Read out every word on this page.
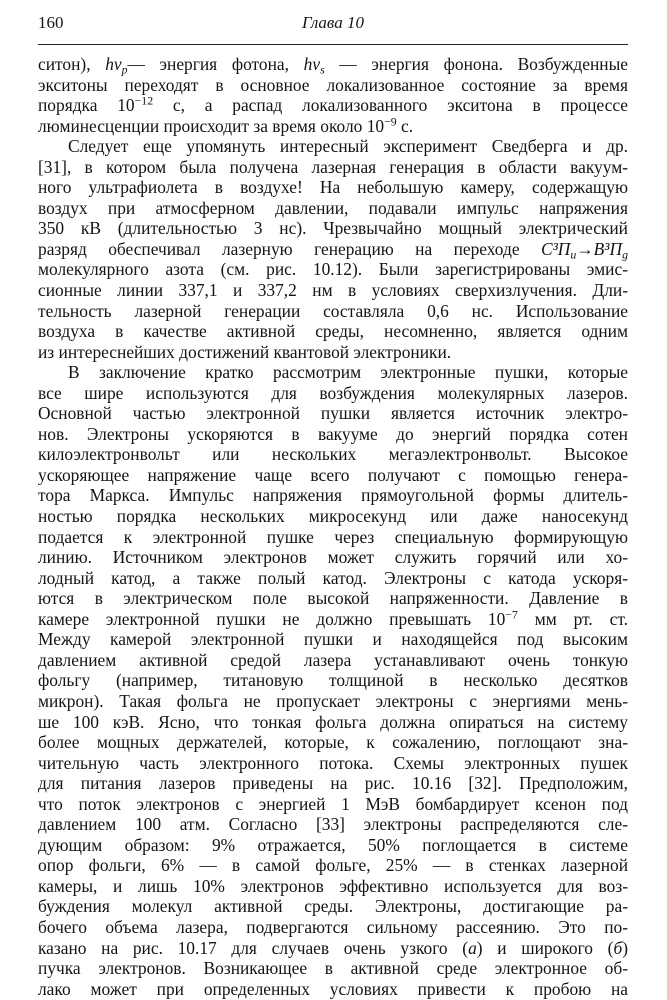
160	Глава 10
ситон), $hv_p—$ энергия фотона, $hv_s$ — энергия фонона. Возбужденные
экситоны переходят в основное локализованное состояние за время
порядка $10^{-12}$ с, а распад локализованного экситона в процессе
люминесценции происходит за время около $10^{-9}$ с.
Следует еще упомянуть интересный эксперимент Сведберга и др.
[31], в котором была получена лазерная генерация в области вакуум-
ного ультрафиолета в воздухе! На небольшую камеру, содержащую
воздух при атмосферном давлении, подавали импульс напряжения
350 кВ (длительностью 3 нс). Чрезвычайно мощный электрический
разряд обеспечивал лазерную генерацию на переходе $C^3\Pi_u\to B^3\Pi_g$
молекулярного азота (см. рис. 10.12). Были зарегистрированы эмис-
сионные линии 337,1 и 337,2 нм в условиях сверхизлучения. Дли-
тельность лазерной генерации составляла 0,6 нс. Использование
воздуха в качестве активной среды, несомненно, является одним
из интереснейших достижений квантовой электроники.
В заключение кратко рассмотрим электронные пушки, которые
все шире используются для возбуждения молекулярных лазеров.
Основной частью электронной пушки является источник электро-
нов. Электроны ускоряются в вакууме до энергий порядка сотен
килоэлектронвольт или нескольких мегаэлектронвольт. Высокое
ускоряющее напряжение чаще всего получают с помощью генера-
тора Маркса. Импульс напряжения прямоугольной формы длитель-
ностью порядка нескольких микросекунд или даже наносекунд
подается к электронной пушке через специальную формирующую
линию. Источником электронов может служить горячий или хо-
лодный катод, а также полый катод. Электроны с катода ускоря-
ются в электрическом поле высокой напряженности. Давление в
камере электронной пушки не должно превышать $10^{-7}$ мм рт. ст.
Между камерой электронной пушки и находящейся под высоким
давлением активной средой лазера устанавливают очень тонкую
фольгу (например, титановую толщиной в несколько десятков
микрон). Такая фольга не пропускает электроны с энергиями мень-
ше 100 кэВ. Ясно, что тонкая фольга должна опираться на систему
более мощных держателей, которые, к сожалению, поглощают зна-
чительную часть электронного потока. Схемы электронных пушек
для питания лазеров приведены на рис. 10.16 [32]. Предположим,
что поток электронов с энергией 1 МэВ бомбардирует ксенон под
давлением 100 атм. Согласно [33] электроны распределяются сле-
дующим образом: 9% отражается, 50% поглощается в системе
опор фольги, 6% — в самой фольге, 25% — в стенках лазерной
камеры, и лишь 10% электронов эффективно используется для воз-
буждения молекул активной среды. Электроны, достигающие ра-
бочего объема лазера, подвергаются сильному рассеянию. Это по-
казано на рис. 10.17 для случаев очень узкого (а) и широкого (б)
пучка электронов. Возникающее в активной среде электронное об-
лако может при определенных условиях привести к пробою на
